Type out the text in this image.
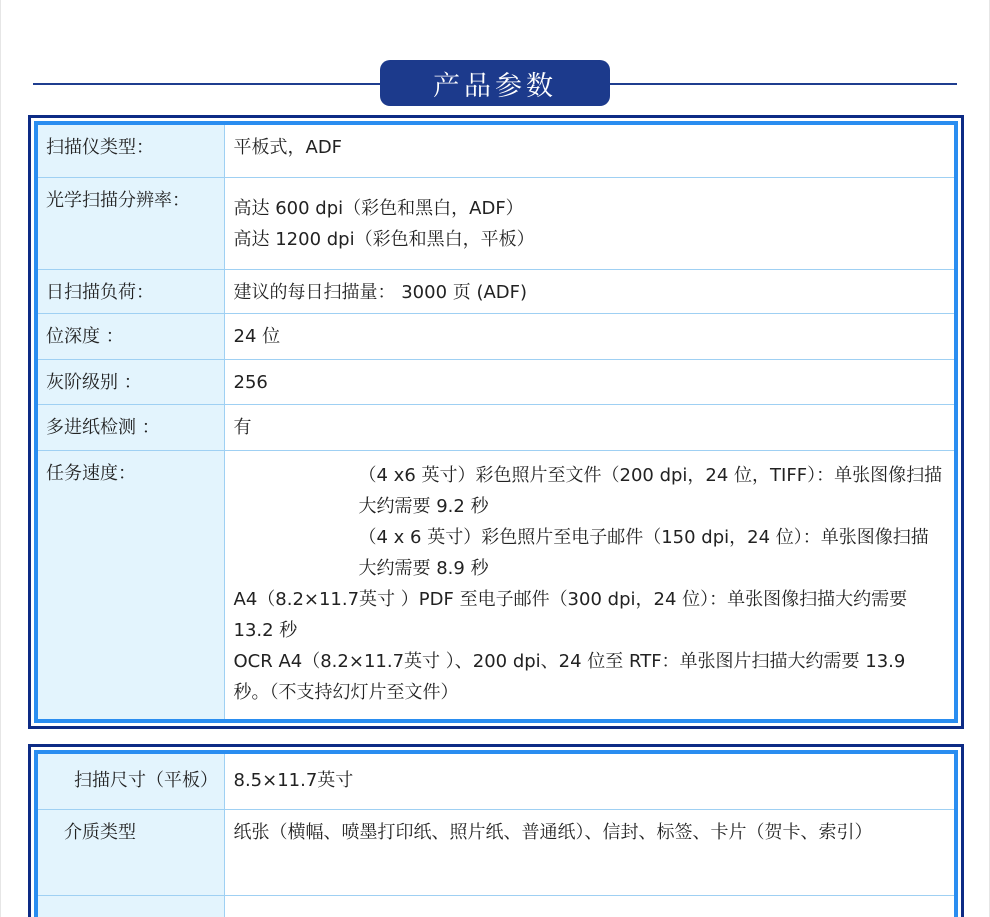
产品参数
扫描仪类型：	平板式，ADF
光学扫描分辨率：	高达 600 dpi（彩色和黑白，ADF）
高达 1200 dpi（彩色和黑白，平板）

日扫描负荷：	建议的每日扫描量： 3000 页 (ADF)
位深度 ：	24 位
灰阶级别 ：	256
多进纸检测 ：	有
任务速度：	（4 x6 英寸）彩色照片至文件（200 dpi，24 位，TIFF）：单张图像扫描大约需要 9.2 秒
（4 x 6 英寸）彩色照片至电子邮件（150 dpi，24 位）：单张图像扫描大约需要 8.9 秒
A4（8.2×11.7英寸 ）PDF 至电子邮件（300 dpi，24 位）：单张图像扫描大约需要 13.2 秒
OCR A4（8.2×11.7英寸 ）、200 dpi、24 位至 RTF：单张图片扫描大约需要 13.9 秒。（不支持幻灯片至文件）
扫描尺寸（平板）	8.5×11.7英寸
介质类型	纸张（横幅、喷墨打印纸、照片纸、普通纸）、信封、标签、卡片（贺卡、索引）
